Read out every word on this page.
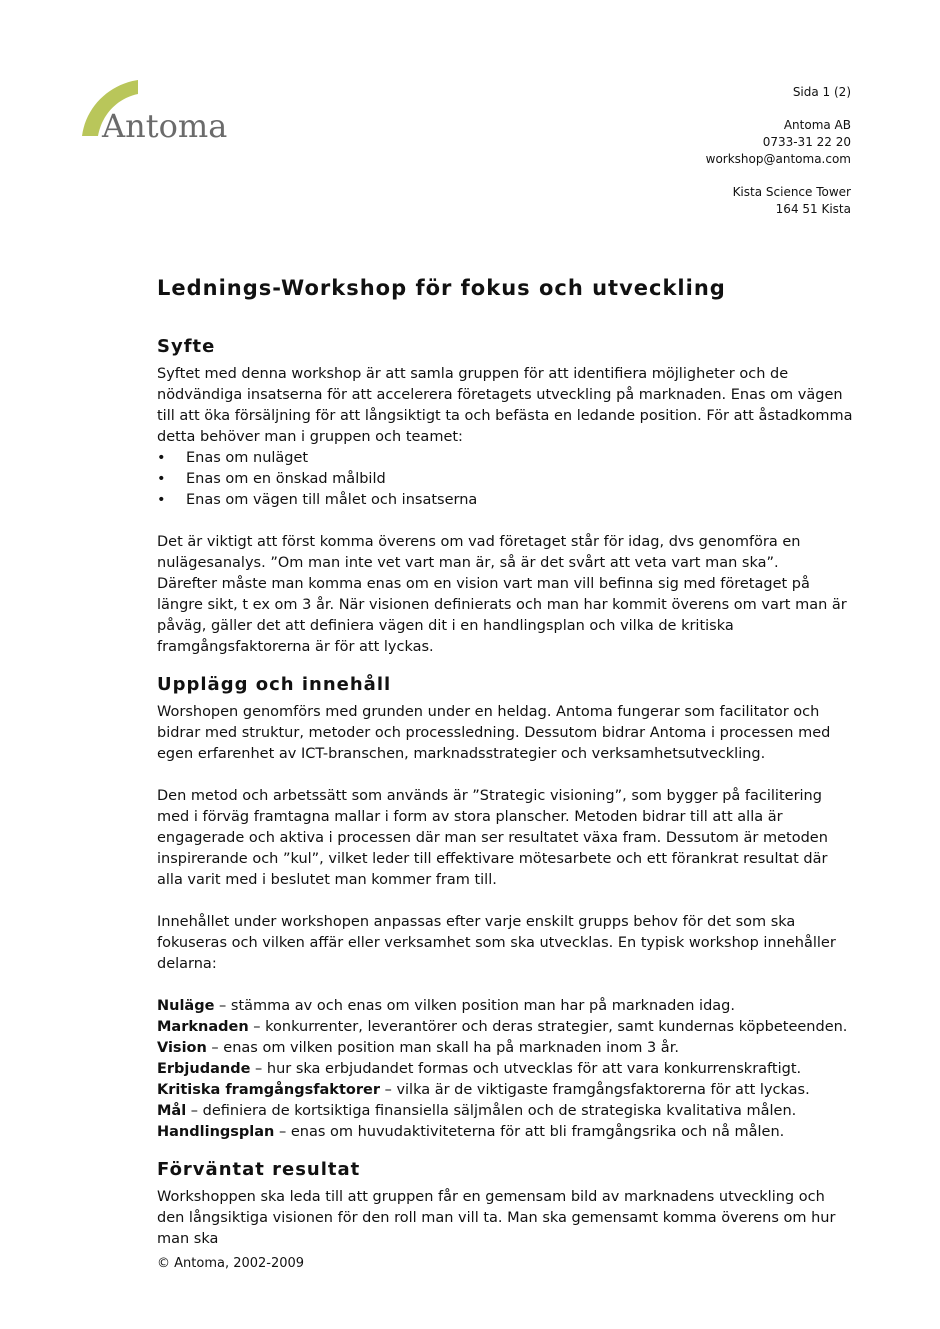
Antoma
Sida 1 (2)
Antoma AB
0733-31 22 20
workshop@antoma.com
Kista Science Tower
164 51 Kista
Lednings-Workshop för fokus och utveckling
Syfte

Syftet med denna workshop är att samla gruppen för att identifiera möjligheter och de nödvändiga insatserna för att accelerera företagets utveckling på marknaden. Enas om vägen till att öka försäljning för att långsiktigt ta och befästa en ledande position. För att åstadkomma detta behöver man i gruppen och teamet:

• Enas om nuläget
• Enas om en önskad målbild
• Enas om vägen till målet och insatserna

Det är viktigt att först komma överens om vad företaget står för idag, dvs genomföra en nulägesanalys. ”Om man inte vet vart man är, så är det svårt att veta vart man ska”.

Därefter måste man komma enas om en vision vart man vill befinna sig med företaget på längre sikt, t ex om 3 år. När visionen definierats och man har kommit överens om vart man är påväg, gäller det att definiera vägen dit i en handlingsplan och vilka de kritiska framgångsfaktorerna är för att lyckas.

Upplägg och innehåll

Worshopen genomförs med grunden under en heldag. Antoma fungerar som facilitator och bidrar med struktur, metoder och processledning. Dessutom bidrar Antoma i processen med egen erfarenhet av ICT-branschen, marknadsstrategier och verksamhetsutveckling.

Den metod och arbetssätt som används är ”Strategic visioning”, som bygger på facilitering med i förväg framtagna mallar i form av stora planscher. Metoden bidrar till att alla är engagerade och aktiva i processen där man ser resultatet växa fram. Dessutom är metoden inspirerande och ”kul”, vilket leder till effektivare mötesarbete och ett förankrat resultat där alla varit med i beslutet man kommer fram till.

Innehållet under workshopen anpassas efter varje enskilt grupps behov för det som ska fokuseras och vilken affär eller verksamhet som ska utvecklas. En typisk workshop innehåller delarna:

Nuläge – stämma av och enas om vilken position man har på marknaden idag.
Marknaden – konkurrenter, leverantörer och deras strategier, samt kundernas köpbeteenden.
Vision – enas om vilken position man skall ha på marknaden inom 3 år.
Erbjudande – hur ska erbjudandet formas och utvecklas för att vara konkurrenskraftigt.
Kritiska framgångsfaktorer – vilka är de viktigaste framgångsfaktorerna för att lyckas.
Mål – definiera de kortsiktiga finansiella säljmålen och de strategiska kvalitativa målen.
Handlingsplan – enas om huvudaktiviteterna för att bli framgångsrika och nå målen.
Förväntat resultat

Workshoppen ska leda till att gruppen får en gemensam bild av marknadens utveckling och den långsiktiga visionen för den roll man vill ta. Man ska gemensamt komma överens om hur man ska

© Antoma, 2002-2009
